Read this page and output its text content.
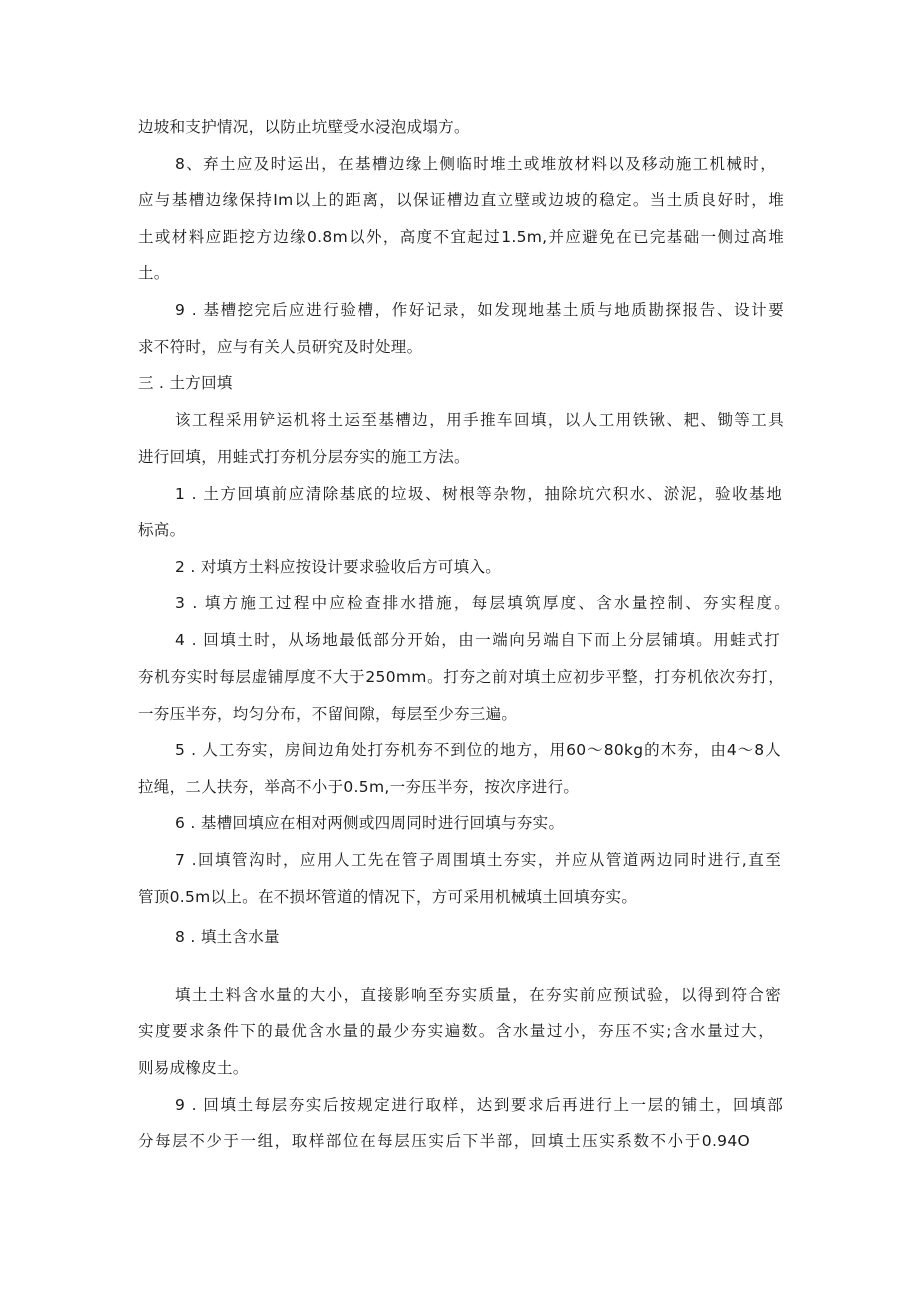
边坡和支护情况，以防止坑壁受水浸泡成塌方。
8、弃土应及时运出，在基槽边缘上侧临时堆土或堆放材料以及移动施工机械时，
应与基槽边缘保持Im以上的距离，以保证槽边直立壁或边坡的稳定。当土质良好时，堆
土或材料应距挖方边缘0.8m以外，高度不宜起过1.5m,并应避免在已完基础一侧过高堆
土。
9 . 基槽挖完后应进行验槽，作好记录，如发现地基土质与地质勘探报告、设计要
求不符时，应与有关人员研究及时处理。
三 . 土方回填
该工程采用铲运机将土运至基槽边，用手推车回填，以人工用铁锹、耙、锄等工具
进行回填，用蛙式打夯机分层夯实的施工方法。
1 . 土方回填前应清除基底的垃圾、树根等杂物，抽除坑穴积水、淤泥，验收基地
标高。
2 . 对填方土料应按设计要求验收后方可填入。
3 . 填方施工过程中应检查排水措施，每层填筑厚度、含水量控制、夯实程度。
4 . 回填土时，从场地最低部分开始，由一端向另端自下而上分层铺填。用蛙式打
夯机夯实时每层虚铺厚度不大于250mm。打夯之前对填土应初步平整，打夯机依次夯打，
一夯压半夯，均匀分布，不留间隙，每层至少夯三遍。
5 . 人工夯实，房间边角处打夯机夯不到位的地方，用60～80kg的木夯，由4～8人
拉绳，二人扶夯，举高不小于0.5m,一夯压半夯，按次序进行。
6 . 基槽回填应在相对两侧或四周同时进行回填与夯实。
7 .回填管沟时，应用人工先在管子周围填土夯实，并应从管道两边同时进行,直至
管顶0.5m以上。在不损坏管道的情况下，方可采用机械填土回填夯实。
8 . 填土含水量
填土土料含水量的大小，直接影响至夯实质量，在夯实前应预试验，以得到符合密
实度要求条件下的最优含水量的最少夯实遍数。含水量过小，夯压不实;含水量过大，
则易成橡皮土。
9 . 回填土每层夯实后按规定进行取样，达到要求后再进行上一层的铺土，回填部
分每层不少于一组，取样部位在每层压实后下半部，回填土压实系数不小于0.94O
